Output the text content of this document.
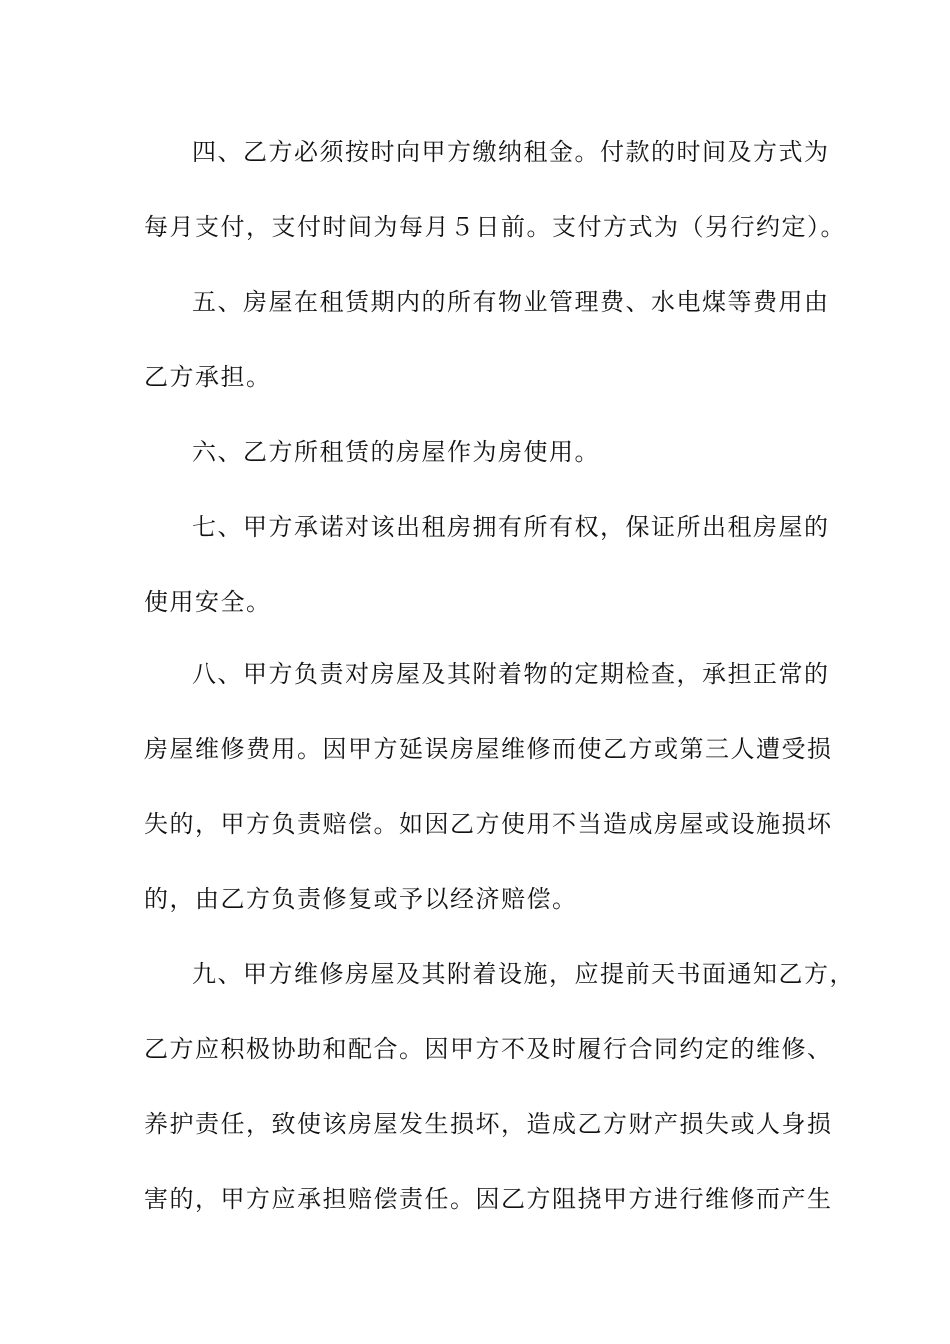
四、乙方必须按时向甲方缴纳租金。付款的时间及方式为
每月支付，支付时间为每月５日前。支付方式为（另行约定）。
五、房屋在租赁期内的所有物业管理费、水电煤等费用由
乙方承担。
六、乙方所租赁的房屋作为房使用。
七、甲方承诺对该出租房拥有所有权，保证所出租房屋的
使用安全。
八、甲方负责对房屋及其附着物的定期检查，承担正常的
房屋维修费用。因甲方延误房屋维修而使乙方或第三人遭受损
失的，甲方负责赔偿。如因乙方使用不当造成房屋或设施损坏
的，由乙方负责修复或予以经济赔偿。
九、甲方维修房屋及其附着设施，应提前天书面通知乙方，
乙方应积极协助和配合。因甲方不及时履行合同约定的维修、
养护责任，致使该房屋发生损坏，造成乙方财产损失或人身损
害的，甲方应承担赔偿责任。因乙方阻挠甲方进行维修而产生
